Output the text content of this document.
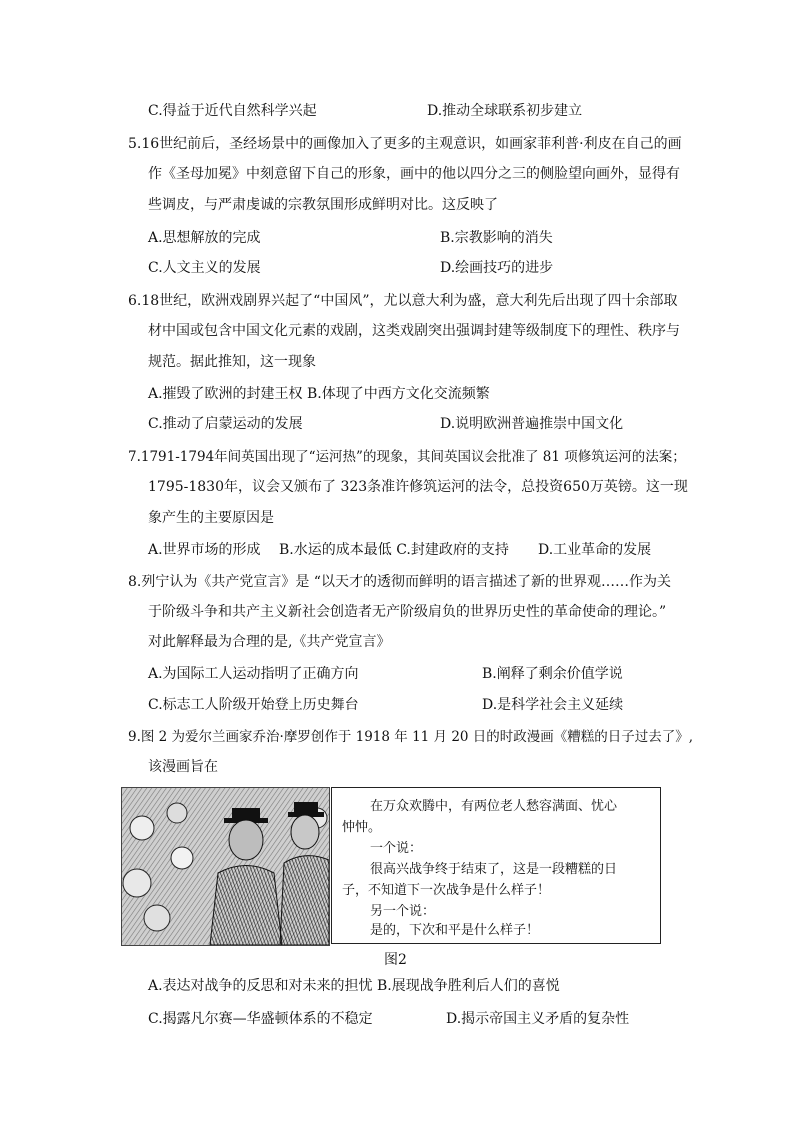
C.得益于近代自然科学兴起	D.推动全球联系初步建立
5.16世纪前后，圣经场景中的画像加入了更多的主观意识，如画家菲利普·利皮在自己的画
作《圣母加冕》中刻意留下自己的形象，画中的他以四分之三的侧脸望向画外，显得有
些调皮，与严肃虔诚的宗教氛围形成鲜明对比。这反映了
A.思想解放的完成	B.宗教影响的消失
C.人文主义的发展	D.绘画技巧的进步
6.18世纪，欧洲戏剧界兴起了“中国风”，尤以意大利为盛，意大利先后出现了四十余部取
材中国或包含中国文化元素的戏剧，这类戏剧突出强调封建等级制度下的理性、秩序与
规范。据此推知，这一现象
A.摧毁了欧洲的封建王权 B.体现了中西方文化交流频繁
C.推动了启蒙运动的发展	D.说明欧洲普遍推崇中国文化
7.1791-1794年间英国出现了“运河热”的现象，其间英国议会批准了 81 项修筑运河的法案；
1795-1830年，议会又颁布了 323条准许修筑运河的法令，总投资650万英镑。这一现
象产生的主要原因是
A.世界市场的形成　 B.水运的成本最低 C.封建政府的支持 D.工业革命的发展
8.列宁认为《共产党宣言》是 “以天才的透彻而鲜明的语言描述了新的世界观……作为关
于阶级斗争和共产主义新社会创造者无产阶级肩负的世界历史性的革命使命的理论。”
对此解释最为合理的是,《共产党宣言》
A.为国际工人运动指明了正确方向	B.阐释了剩余价值学说
C.标志工人阶级开始登上历史舞台	D.是科学社会主义延续
9.图 2 为爱尔兰画家乔治·摩罗创作于 1918 年 11 月 20 日的时政漫画《糟糕的日子过去了》,
该漫画旨在
在万众欢腾中，有两位老人愁容满面、忧心
忡忡。
一个说：
很高兴战争终于结束了，这是一段糟糕的日
子，不知道下一次战争是什么样子！
另一个说：
是的，下次和平是什么样子！
图2
A.表达对战争的反思和对未来的担忧 B.展现战争胜利后人们的喜悦
C.揭露凡尔赛—华盛顿体系的不稳定	D.揭示帝国主义矛盾的复杂性
